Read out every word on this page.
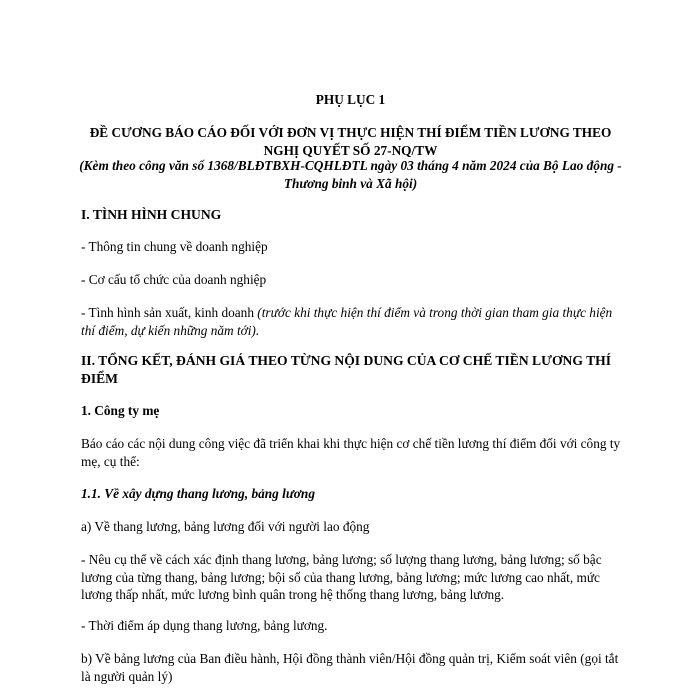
PHỤ LỤC 1

ĐỀ CƯƠNG BÁO CÁO ĐỐI VỚI ĐƠN VỊ THỰC HIỆN THÍ ĐIỂM TIỀN LƯƠNG THEO NGHỊ QUYẾT SỐ 27-NQ/TW

(Kèm theo công văn số 1368/BLĐTBXH-CQHLĐTL ngày 03 tháng 4 năm 2024 của Bộ Lao động - Thương binh và Xã hội)

I. TÌNH HÌNH CHUNG

- Thông tin chung về doanh nghiệp

- Cơ cấu tổ chức của doanh nghiệp

- Tình hình sản xuất, kinh doanh (trước khi thực hiện thí điểm và trong thời gian tham gia thực hiện thí điểm, dự kiến những năm tới).

II. TỔNG KẾT, ĐÁNH GIÁ THEO TỪNG NỘI DUNG CỦA CƠ CHẾ TIỀN LƯƠNG THÍ ĐIỂM

1. Công ty mẹ

Báo cáo các nội dung công việc đã triển khai khi thực hiện cơ chế tiền lương thí điểm đối với công ty mẹ, cụ thể:

1.1. Về xây dựng thang lương, bảng lương

a) Về thang lương, bảng lương đối với người lao động

- Nêu cụ thể về cách xác định thang lương, bảng lương; số lượng thang lương, bảng lương; số bậc lương của từng thang, bảng lương; bội số của thang lương, bảng lương; mức lương cao nhất, mức lương thấp nhất, mức lương bình quân trong hệ thống thang lương, bảng lương.

- Thời điểm áp dụng thang lương, bảng lương.

b) Về bảng lương của Ban điều hành, Hội đồng thành viên/Hội đồng quản trị, Kiểm soát viên (gọi tắt là người quản lý)
